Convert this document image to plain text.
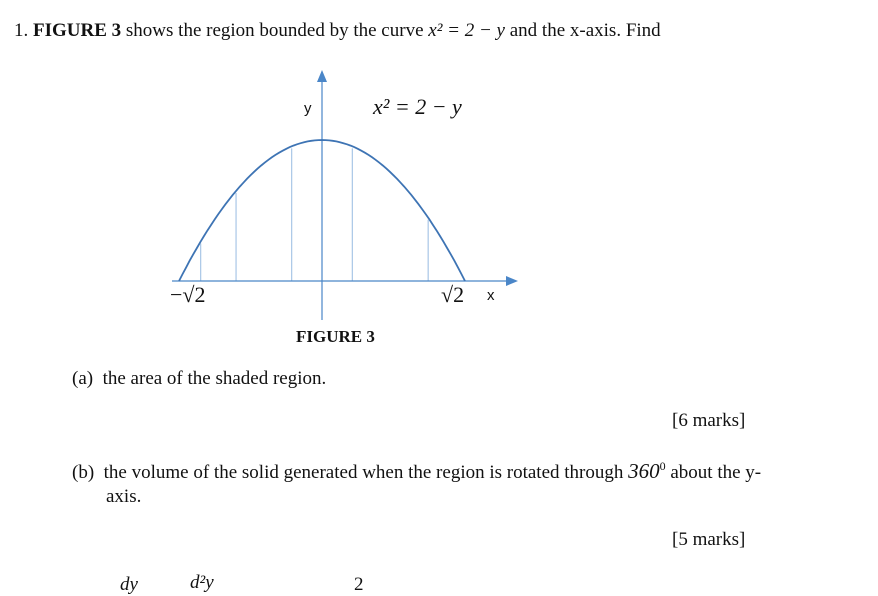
1. FIGURE 3 shows the region bounded by the curve x² = 2 − y and the x-axis. Find
y
x
x² = 2 − y
−√2	√2
FIGURE 3
(a) the area of the shaded region.
[6 marks]
(b) the volume of the solid generated when the region is rotated through $360^0$ about the y-
axis.
[5 marks]
dy	d²y	2
